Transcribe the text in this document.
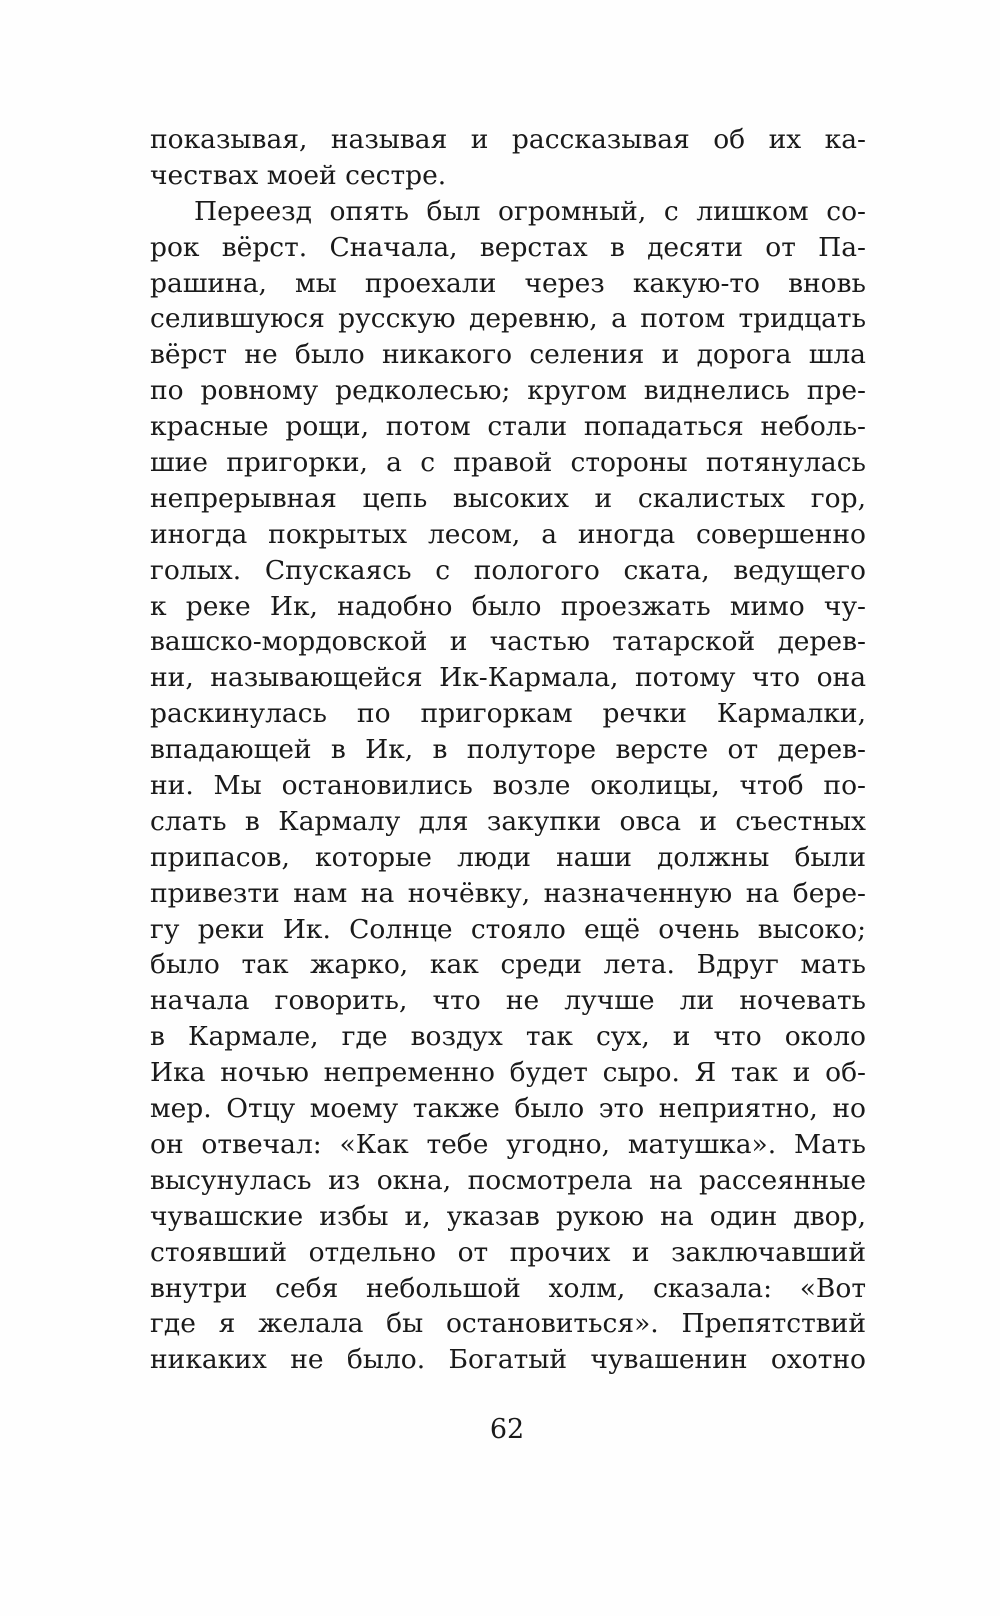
показывая, называя и рассказывая об их ка-
чествах моей сестре.
Переезд опять был огромный, с лишком со-
рок вёрст. Сначала, верстах в десяти от Па-
рашина, мы проехали через какую-то вновь
селившуюся русскую деревню, а потом тридцать
вёрст не было никакого селения и дорога шла
по ровному редколесью; кругом виднелись пре-
красные рощи, потом стали попадаться неболь-
шие пригорки, а с правой стороны потянулась
непрерывная цепь высоких и скалистых гор,
иногда покрытых лесом, а иногда совершенно
голых. Спускаясь с пологого ската, ведущего
к реке Ик, надобно было проезжать мимо чу-
вашско-мордовской и частью татарской дерев-
ни, называющейся Ик-Кармала, потому что она
раскинулась по пригоркам речки Кармалки,
впадающей в Ик, в полуторе версте от дерев-
ни. Мы остановились возле околицы, чтоб по-
слать в Кармалу для закупки овса и съестных
припасов, которые люди наши должны были
привезти нам на ночёвку, назначенную на бере-
гу реки Ик. Солнце стояло ещё очень высоко;
было так жарко, как среди лета. Вдруг мать
начала говорить, что не лучше ли ночевать
в Кармале, где воздух так сух, и что около
Ика ночью непременно будет сыро. Я так и об-
мер. Отцу моему также было это неприятно, но
он отвечал: «Как тебе угодно, матушка». Мать
высунулась из окна, посмотрела на рассеянные
чувашские избы и, указав рукою на один двор,
стоявший отдельно от прочих и заключавший
внутри себя небольшой холм, сказала: «Вот
где я желала бы остановиться». Препятствий
никаких не было. Богатый чувашенин охотно
62
